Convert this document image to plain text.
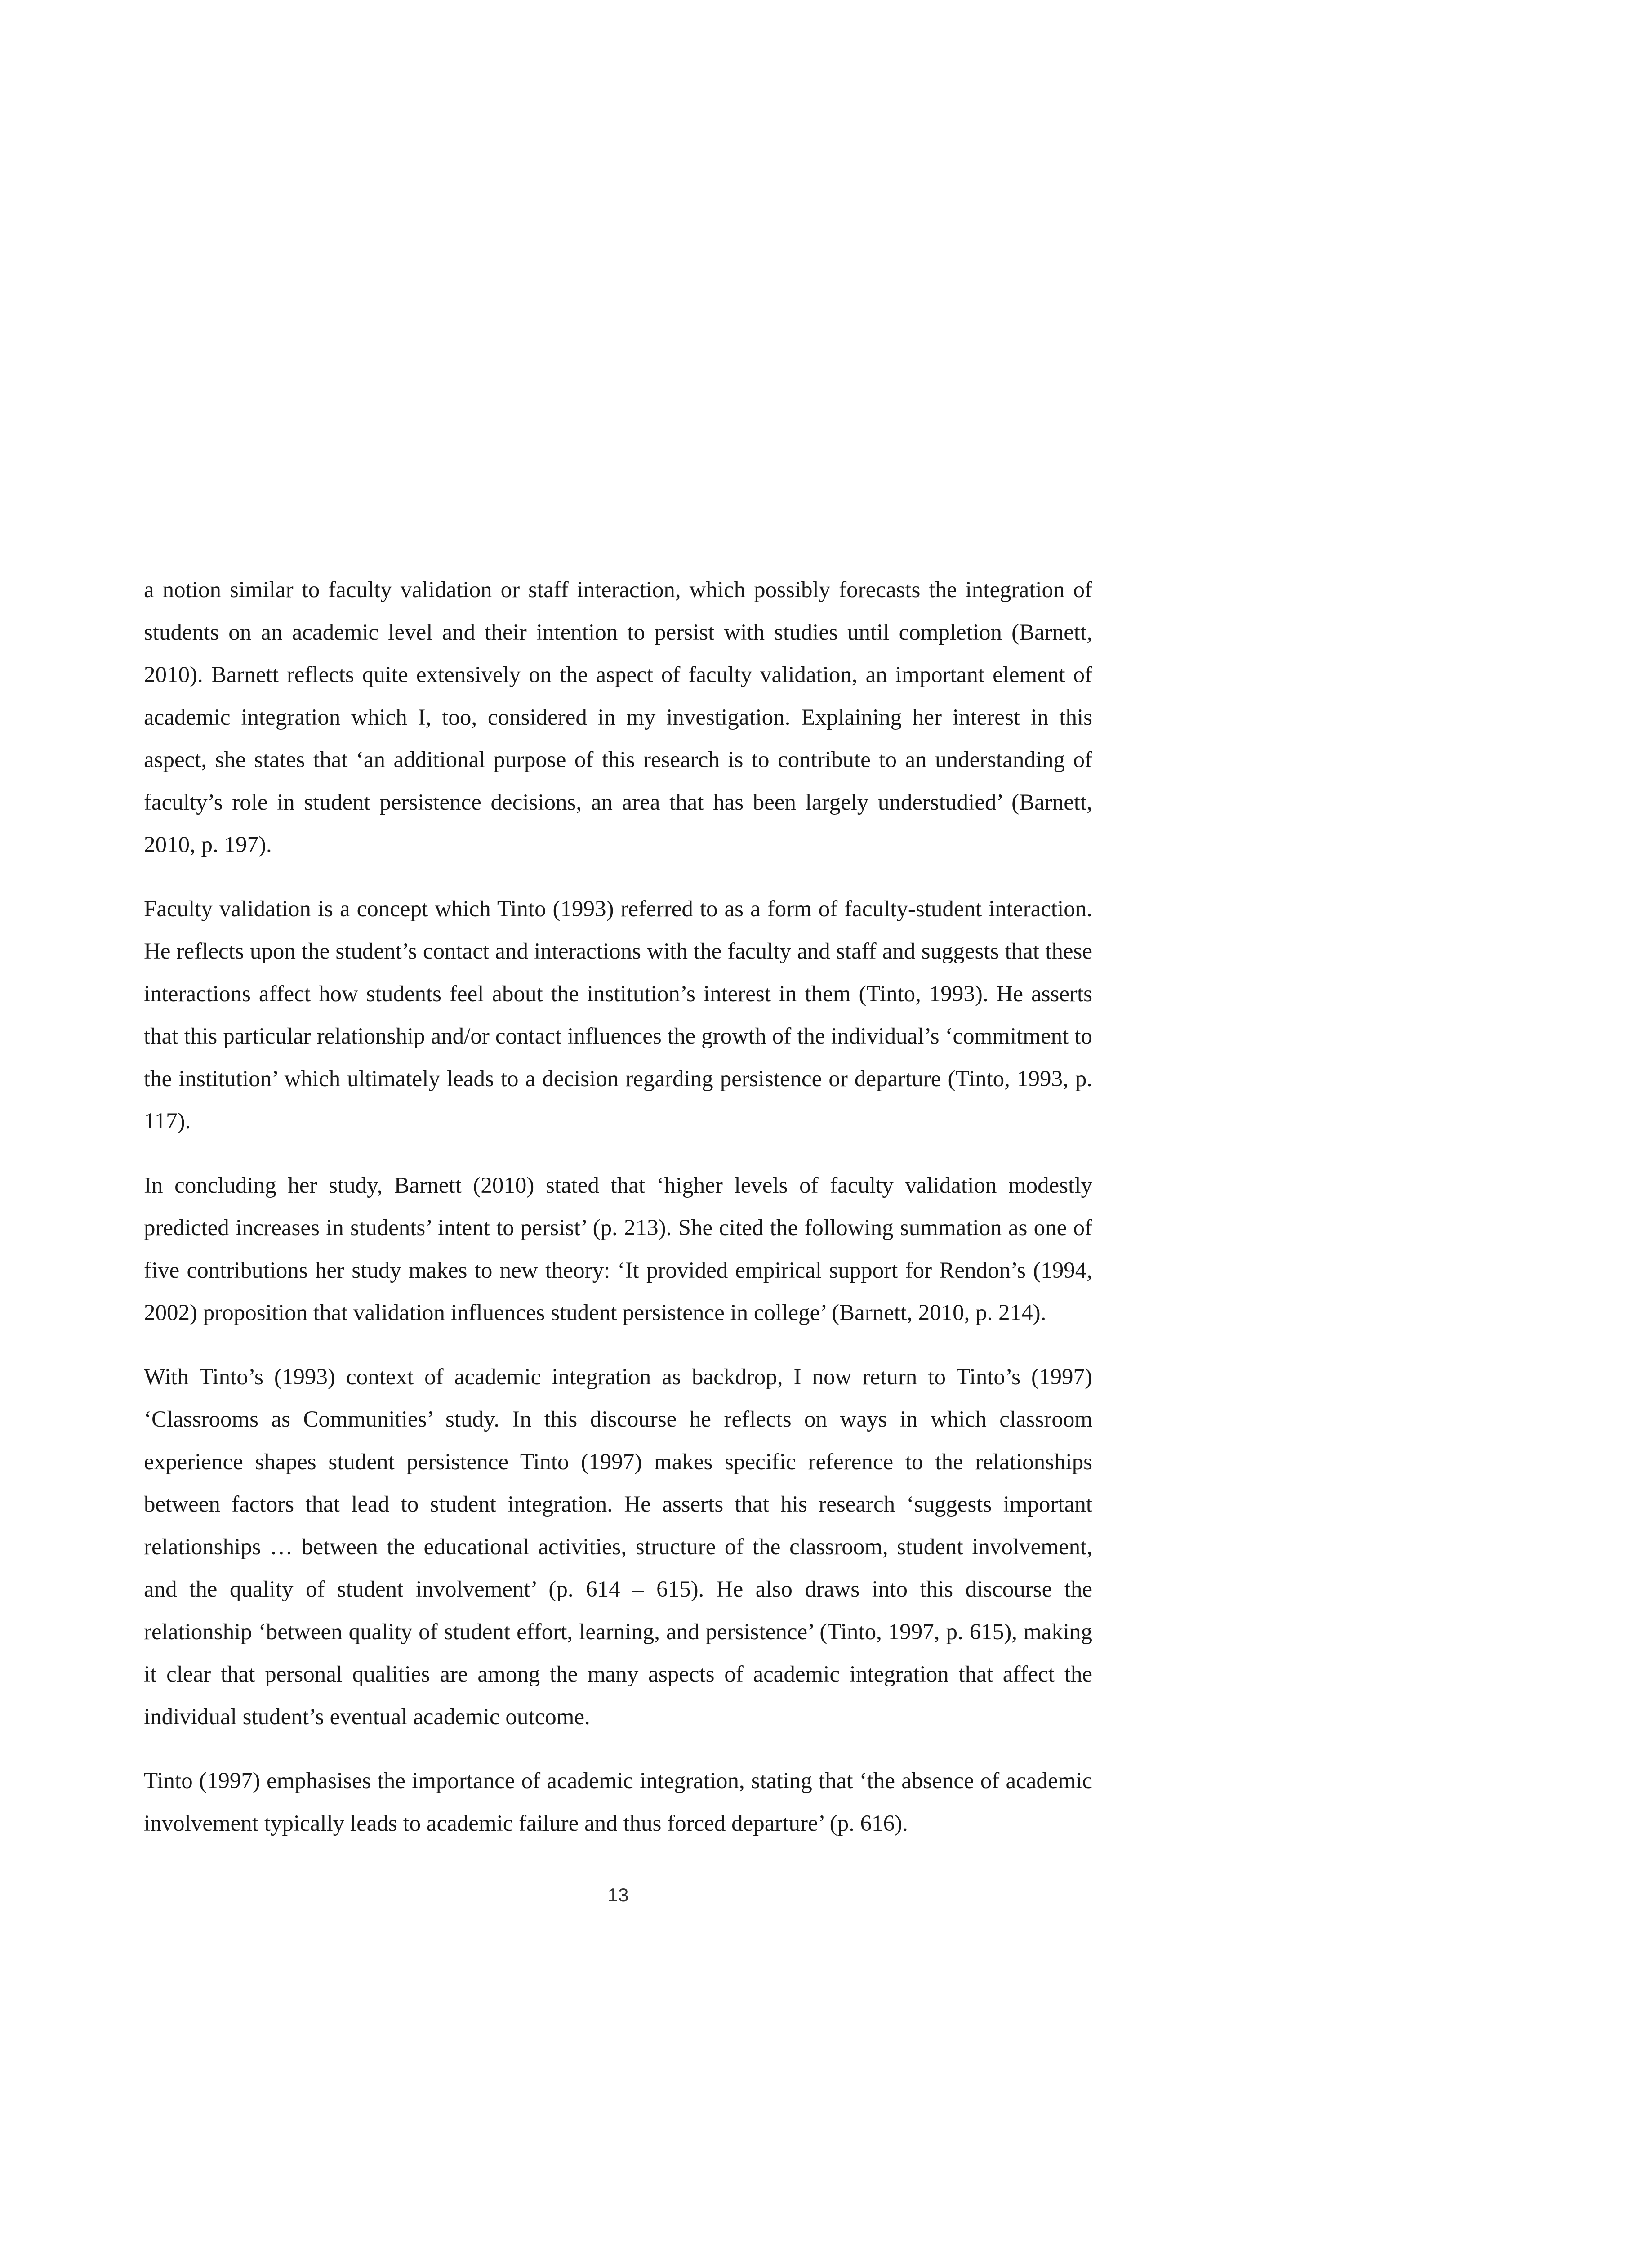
a notion similar to faculty validation or staff interaction, which possibly forecasts the integration of students on an academic level and their intention to persist with studies until completion (Barnett, 2010). Barnett reflects quite extensively on the aspect of faculty validation, an important element of academic integration which I, too, considered in my investigation. Explaining her interest in this aspect, she states that ‘an additional purpose of this research is to contribute to an understanding of faculty’s role in student persistence decisions, an area that has been largely understudied’ (Barnett, 2010, p. 197).

Faculty validation is a concept which Tinto (1993) referred to as a form of faculty-student interaction. He reflects upon the student’s contact and interactions with the faculty and staff and suggests that these interactions affect how students feel about the institution’s interest in them (Tinto, 1993). He asserts that this particular relationship and/or contact influences the growth of the individual’s ‘commitment to the institution’ which ultimately leads to a decision regarding persistence or departure (Tinto, 1993, p. 117).

In concluding her study, Barnett (2010) stated that ‘higher levels of faculty validation modestly predicted increases in students’ intent to persist’ (p. 213). She cited the following summation as one of five contributions her study makes to new theory: ‘It provided empirical support for Rendon’s (1994, 2002) proposition that validation influences student persistence in college’ (Barnett, 2010, p. 214).

With Tinto’s (1993) context of academic integration as backdrop, I now return to Tinto’s (1997) ‘Classrooms as Communities’ study. In this discourse he reflects on ways in which classroom experience shapes student persistence Tinto (1997) makes specific reference to the relationships between factors that lead to student integration. He asserts that his research ‘suggests important relationships … between the educational activities, structure of the classroom, student involvement, and the quality of student involvement’ (p. 614 – 615). He also draws into this discourse the relationship ‘between quality of student effort, learning, and persistence’ (Tinto, 1997, p. 615), making it clear that personal qualities are among the many aspects of academic integration that affect the individual student’s eventual academic outcome.

Tinto (1997) emphasises the importance of academic integration, stating that ‘the absence of academic involvement typically leads to academic failure and thus forced departure’ (p. 616).

13
